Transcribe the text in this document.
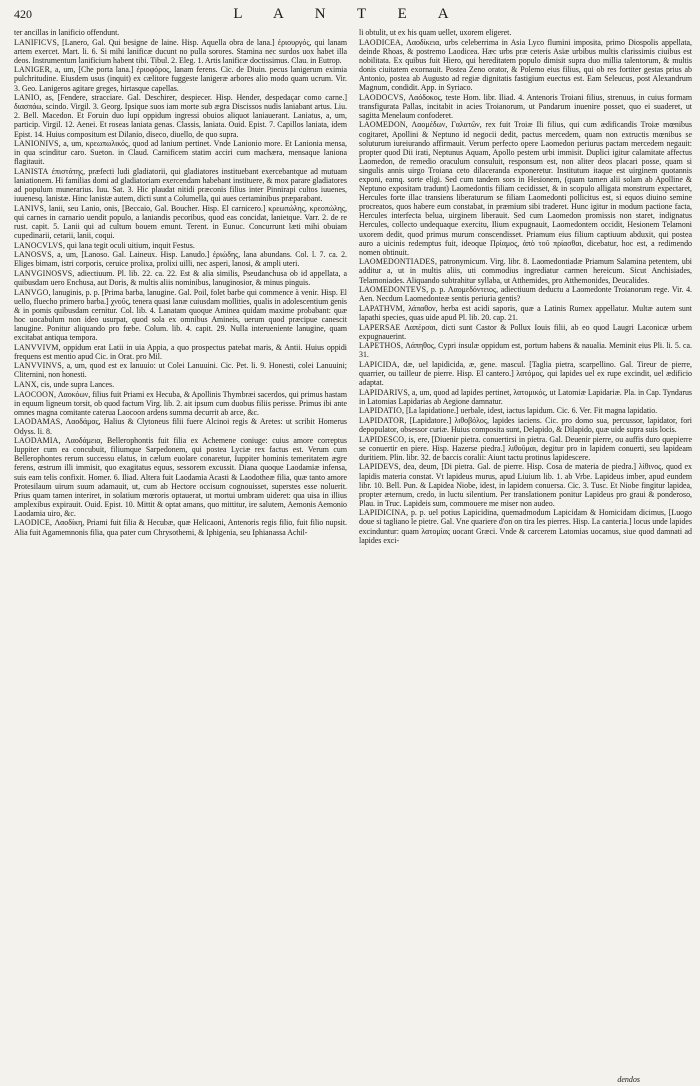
420	L A N T E A

ter ancillas in lanificio offendunt.

LANIFICVS, [Lanero, Gal. Qui besigne de laine. Hisp. Aquella obra de lana.] ἐριουργός, qui lanam artem exercet. Mart. li. 6. Si mihi lanificæ ducunt no pulla sorores. Stamina nec surdos uox habet illa deos. Instrumentum lanificium habent tibi. Tibul. 2. Eleg. 1. Artis lanificæ doctissimus. Clau. in Eutrop.

LANIGER, a, um, [Che porta lana.] ἐριοφόρος, lanam ferens. Cic. de Diuin. pecus lanigerum eximia pulchritudine. Eiusdem usus (inquit) ex cælitore fuggeste lanigeræ arbores alio modo quam ucrum. Vir. 3. Geo. Lanigeros agitare greges, hirtasque capellas.

LANIO, as, [Fendere, stracciare. Gal. Deschirer, despiecer. Hisp. Hender, despedaçar como carne.] διασπάω, scindo. Virgil. 3. Georg. Ipsique suos iam morte sub ægra Discissos nudis laniabant artus. Liu. 2. Bell. Macedon. Et Foruin duo lupi oppidum ingressi obuios aliquot laniauerant. Laniatus, a, um, particip. Virgil. 12. Aenei. Et roseas laniata genas. Classis, laniata. Ouid. Epist. 7. Capillos laniata, idem Epist. 14. Huius compositum est Dilanio, diseco, diuello, de quo supra.

LANIONIVS, a, um, κρεωπωλικός, quod ad lanium pertinet. Vnde Lanionio more. Et Lanionia mensa, in qua scinditur caro. Sueton. in Claud. Carnificem statim acciri cum machæra, mensaque laniona flagitauit.

LANISTA ἐπιστάτης, præfecti ludi gladiatorii, qui gladiatores instituebant exercebantque ad mutuam laniationem. Hi familias domi ad gladiatoriam exercendam habebant instituere, & mox parare gladiatores ad populum munerarius. Iuu. Sat. 3. Hic plaudat nitidi præconis filius inter Pinnirapi cultos iuuenes, iuuenesq. lanistæ. Hinc lanistæ autem, dicti sunt a Columella, qui aues certaminibus præparabant.

LANIVS, lanii, seu Lanio, onis, [Beccaio, Gal. Boucher. Hisp. El carnicero.] κρεωπώλης, κρεοπώλης, qui carnes in carnario uendit populo, a laniandis pecoribus, quod eas concidat, lanietque. Varr. 2. de re rust. capit. 5. Lanii qui ad cultum bouem emunt. Terent. in Eunuc. Concurrunt læti mihi obuiam cupedinarii, cetarii, lanii, coqui.

LANOCVLVS, qui lana tegit oculi uitium, inquit Festus.

LANOSVS, a, um, [Lanoso. Gal. Laineux. Hisp. Lanudo.] ἐριώδης, lana abundans. Col. l. 7. ca. 2. Eliges bimam, istri corporis, ceruice prolixa, prolixi uilli, nec asperi, lanosi, & ampli uteri.

LANVGINOSVS, adiectiuum. Pl. lib. 22. ca. 22. Est & alia similis, Pseudanchusa ob id appellata, a quibusdam uero Enchusa, aut Doris, & multis aliis nominibus, lanuginosior, & minus pinguis.

LANVGO, lanuginis, p. p. [Prima barba, lanugine. Gal. Poil, folet barbe qui commence à venir. Hisp. El uello, fluecho primero barba.] χνοῦς, tenera quasi lanæ cuiusdam mollities, qualis in adolescentium genis & in pomis quibusdam cernitur. Col. lib. 4. Lanatam quoque Aminea quidam maxime probabant: quæ hoc uocabulum non ideo usurpat, quod sola ex omnibus Amineis, uerum quod præcipue canescit lanugine. Ponitur aliquando pro fœbe. Colum. lib. 4. capit. 29. Nulla interueniente lanugine, quam excitabat antiqua tempora.

LANVVIVM, oppidum erat Latii in uia Appia, a quo prospectus patebat maris, & Antii. Huius oppidi frequens est mentio apud Cic. in Orat. pro Mil.

LANVVINVS, a, um, quod est ex lanuuio: ut Colei Lanuuini. Cic. Pet. li. 9. Honesti, colei Lanuuini; Cliternini, non honesti.

LANX, cis, unde supra Lances.

LAOCOON, Λαοκόων, filius fuit Priami ex Hecuba, & Apollinis Thymbræi sacerdos, qui primus hastam in equum ligneum torsit, ob quod factum Virg. lib. 2. ait ipsum cum duobus filiis perisse. Primus ibi ante omnes magna comitante caterua Laocoon ardens summa decurrit ab arce, &c.

LAODAMAS, Λαοδάμας, Halius & Clytoneus filii fuere Alcinoi regis & Aretes: ut scribit Homerus Odyss. li. 8.

LAODAMIA, Λαοδάμεια, Bellerophontis fuit filia ex Achemene coniuge: cuius amore correptus Iuppiter cum ea concubuit, filiumque Sarpedonem, qui postea Lyciæ rex factus est. Verum cum Bellerophontes rerum successu elatus, in cælum euolare conaretur, Iuppiter hominis temeritatem ægre ferens, œstrum illi immisit, quo exagitatus equus, sessorem excussit. Diana quoque Laodamiæ infensa, suis eam telis confixit. Homer. 6. Iliad. Altera fuit Laodamia Acasti & Laodotheæ filia, quæ tanto amore Protesilaum uirum suum adamauit, ut, cum ab Hectore occisum cognouisset, superstes esse noluerit. Prius quam tamen interiret, in solatium mœroris optauerat, ut mortui umbram uideret: qua uisa in illius amplexibus expirauit. Ouid. Epist. 10. Mittit & optat amans, quo mittitur, ire salutem, Aemonis Aemonio Laodamia uiro, &c.

LAODICE, Λαοδίκη, Priami fuit filia & Hecubæ, quæ Helicaoni, Antenoris regis filio, fuit filio nupsit. Alia fuit Agamemnonis filia, qua pater cum Chrysothemi, & Iphigenia, seu Iphianassa Achil-

li obtulit, ut ex his quam uellet, uxorem eligeret.

LAODICEA, Λαοδίκεια, urbs celeberrima in Asia Lyco flumini imposita, primo Diospolis appellata, deinde Rhoas, & postremo Laodicea. Hæc urbs præ ceteris Asiæ urbibus multis clarissimis ciuibus est nobilitata. Ex quibus fuit Hiero, qui hereditatem populo dimisit supra duo millia talentorum, & multis donis ciuitatem exornauit. Postea Zeno orator, & Polemo eius filius, qui ob res fortiter gestas prius ab Antonio, postea ab Augusto ad regiæ dignitatis fastigium euectus est. Eam Seleucus, post Alexandrum Magnum, condidit. App. in Syriaco.

LAODOCVS, Λαόδοκος, teste Hom. libr. Iliad. 4. Antenoris Troiani filius, strenuus, in cuius formam transfigurata Pallas, incitabit in acies Troianorum, ut Pandarum inuenire posset, quo ei suaderet, ut sagitta Menelaum confoderet.

LAOMEDON, Λαομέδων, Γαλατῶν, rex fuit Troiæ Ili filius, qui cum ædificandis Troiæ mœnibus cogitaret, Apollini & Neptuno id negocii dedit, pactus mercedem, quam non extructis mœnibus se soluturum iureiurando affirmauit. Verum perfecto opere Laomedon periurus pactam mercedem negauit: propter quod Dii irati, Neptunus Aquam, Apollo pestem urbi immisit. Duplici igitur calamitate affectus Laomedon, de remedio oraculum consuluit, responsum est, non aliter deos placari posse, quam si singulis annis uirgo Troiana ceto dilaceranda exponeretur. Institutum itaque est uirginem quotannis exponi, eamq. sorte eligi. Sed cum tandem sors in Hesionem, (quam tamen alii solam ab Apolline & Neptuno expositam tradunt) Laomedontis filiam cecidisset, & in scopulo alligata monstrum expectaret, Hercules forte illac transiens liberaturum se filiam Laomedonti pollicitus est, si equos diuino semine procreatos, quos habere eum constabat, in præmium sibi traderet. Hunc igitur in modum pactione facta, Hercules interfecta belua, uirginem liberauit. Sed cum Laomedon promissis non staret, indignatus Hercules, collecto undequaque exercitu, Ilium expugnauit, Laomedontem occidit, Hesionem Telamoni uxorem dedit, quod primus murum conscendisset. Priamum eius filium captiuum abduxit, qui postea auro a uicinis redemptus fuit, ideoque Πρίαμος, ἀπὸ τοῦ πρίασθαι, dicebatur, hoc est, a redimendo nomen obtinuit.

LAOMEDONTIADES, patronymicum. Virg. libr. 8. Laomedontiadæ Priamum Salamina petentem, ubi additur a, ut in multis aliis, uti commodius ingrediatur carmen hereicum. Sicut Anchisiades, Telamoniades. Aliquando subtrahitur syllaba, ut Atthemides, pro Atthemonides, Deucalides.

LAOMEDONTEVS, p. p. Λαομεδόντειος, adiectiuum deductu a Laomedonte Troianorum rege. Vir. 4. Aen. Necdum Laomedonteæ sentis periuria gentis?

LAPATHVM, λάπαθον, herba est acidi saporis, quæ a Latinis Rumex appellatur. Multæ autem sunt lapathi species, quas uide apud Pl. lib. 20. cap. 21.

LAPERSAE Λαπέρσαι, dicti sunt Castor & Pollux Iouis filii, ab eo quod Laugri Laconicæ urbem expugnauerint.

LAPETHOS, Λάπηθος, Cypri insulæ oppidum est, portum habens & naualia. Meminit eius Pli. li. 5. ca. 31.

LAPICIDA, dæ, uel lapidicida, æ, gene. mascul. [Taglia pietra, scarpellino. Gal. Tireur de pierre, quarrier, ou tailleur de pierre. Hisp. El cantero.] λατόμος, qui lapides uel ex rupe excindit, uel ædificio adaptat.

LAPIDARIVS, a, um, quod ad lapides pertinet, λατομικός, ut Latomiæ Lapidariæ. Pla. in Cap. Tyndarus in Latomias Lapidarias ab Aegione damnatur.

LAPIDATIO, [La lapidatione.] uerbale, idest, iactus lapidum. Cic. 6. Ver. Fit magna lapidatio.

LAPIDATOR, [Lapidatore.] λιθοβόλος, lapides iaciens. Cic. pro domo sua, percussor, lapidator, fori depopulator, obsessor curiæ. Huius composita sunt, Delapido, & Dilapido, quæ uide supra suis locis.

LAPIDESCO, is, ere, [Diuenir pietra. conuertirsi in pietra. Gal. Deuenir pierre, ou auffis duro quepierre se conuertir en piere. Hisp. Hazerse piedra.] λιθοῦμαι, degitur pro in lapidem conuerti, seu lapideam duritiem. Plin. libr. 32. de baccis coralii: Aiunt tactu protinus lapidescere.

LAPIDEVS, dea, deum, [Di pietra. Gal. de pierre. Hisp. Cosa de materia de piedra.] λίθινος, quod ex lapidis materia constat. Vt lapideus murus, apud Liuium lib. 1. ab Vrbe. Lapideus imber, apud eundem libr. 10. Bell. Pun. & Lapidea Niobe, idest, in lapidem conuersa. Cic. 3. Tusc. Et Niobe fingitur lapidea, propter æternum, credo, in luctu silentium. Per translationem ponitur Lapideus pro graui & ponderoso, Plau. in Truc. Lapideis sum, commouere me miser non audeo.

LAPIDICINA, p. p. uel potius Lapicidina, quemadmodum Lapicidam & Homicidam dicimus, [Luogo doue si tagliano le pietre. Gal. Vne quariere d'on on tira les pierres. Hisp. La canteria.] locus unde lapides excinduntur: quam λατομίας uocant Græci. Vnde & carcerem Latomias uocamus, siue quod damnati ad lapides exci-

dendos
